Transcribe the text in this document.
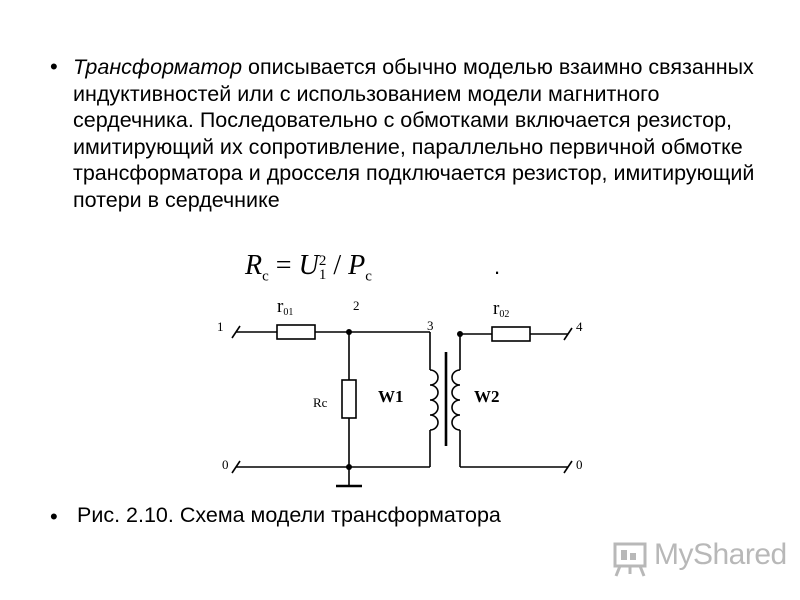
• Трансформатор описывается обычно моделью взаимно связанных индуктивностей или с использованием модели магнитного сердечника. Последовательно с обмотками включается резистор, имитирующий их сопротивление, параллельно первичной обмотке трансформатора и дросселя подключается резистор, имитирующий потери в сердечнике
$R_c = U$ 2
$1 / P_c$	.
1
2
3	4
0	0
r01	r02
Rc	W1	W2
• Рис. 2.10. Схема модели трансформатора
MyShared
